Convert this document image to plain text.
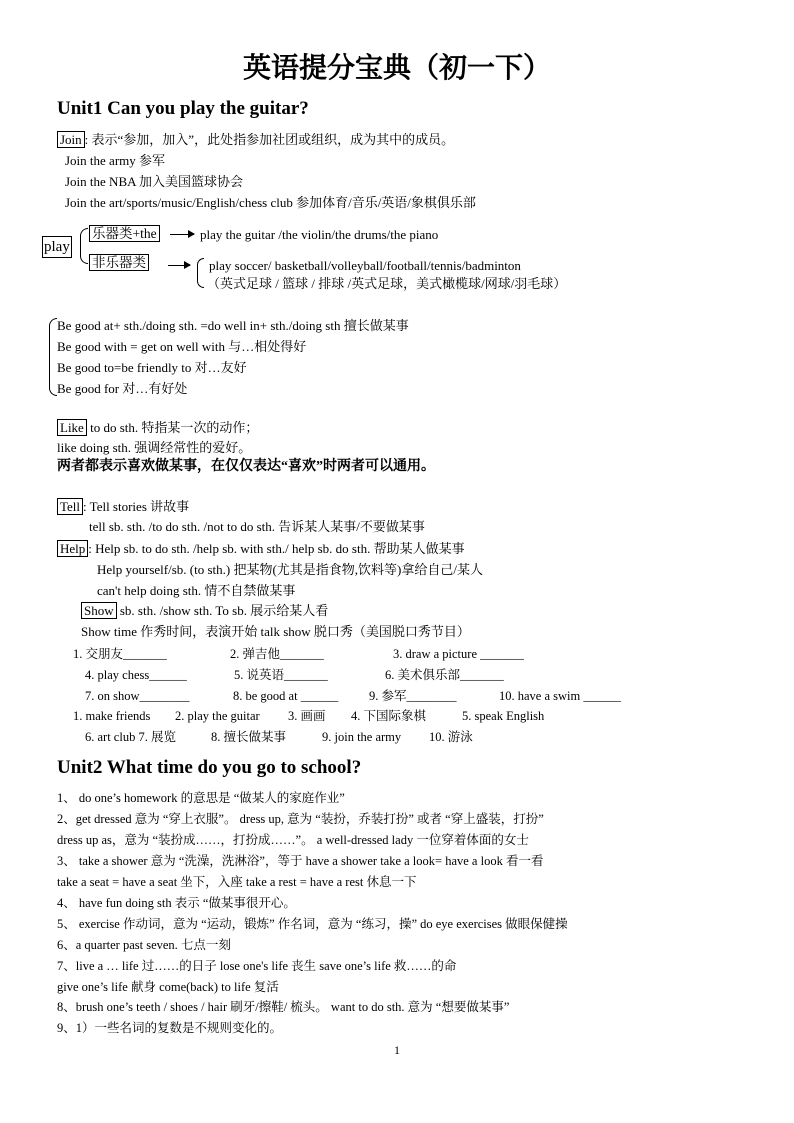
英语提分宝典（初一下）
Unit1 Can you play the guitar?
Join : 表示“参加，加入”，此处指参加社团或组织，成为其中的成员。
Join the army 参军
Join the NBA 加入美国篮球协会
Join the art/sports/music/English/chess club 参加体育/音乐/英语/象棋俱乐部
play
乐器类+the	play the guitar /the violin/the drums/the piano
非乐器类	play soccer/ basketball/volleyball/football/tennis/badminton
（英式足球 / 篮球 / 排球 /英式足球，美式橄榄球/网球/羽毛球）
Be good at+ sth./doing sth. =do well in+ sth./doing sth 擅长做某事
Be good with = get on well with 与…相处得好
Be good to=be friendly to 对…友好
Be good for 对…有好处
Like to do sth. 特指某一次的动作；
like doing sth. 强调经常性的爱好。
两者都表示喜欢做某事，在仅仅表达“喜欢”时两者可以通用。
Tell : Tell stories 讲故事
tell sb. sth. /to do sth. /not to do sth. 告诉某人某事/不要做某事
Help : Help sb. to do sth. /help sb. with sth./ help sb. do sth. 帮助某人做某事
Help yourself/sb. (to sth.) 把某物(尤其是指食物,饮料等)拿给自己/某人
can't help doing sth. 情不自禁做某事
Show sb. sth. /show sth. To sb. 展示给某人看
Show time 作秀时间，表演开始 talk show 脱口秀（美国脱口秀节目）
1. 交朋友_______	2. 弹吉他_______	3. draw a picture _______
4. play chess______	5. 说英语_______	6. 美术俱乐部_______
7. on show________	8. be good at ______ 9. 参军________	10. have a swim ______
1. make friends 2. play the guitar 3. 画画 4. 下国际象棋	5. speak English
6. art club 7. 展览	8. 擅长做某事	9. join the army 10. 游泳
Unit2 What time do you go to school?
1、 do one’s homework 的意思是 “做某人的家庭作业”
2、get dressed 意为 “穿上衣服”。 dress up, 意为 “装扮，乔装打扮” 或者 “穿上盛装，打扮”
dress up as，意为 “装扮成……，打扮成……”。 a well-dressed lady 一位穿着体面的女士
3、 take a shower 意为 “洗澡，洗淋浴”，等于 have a shower take a look= have a look 看一看
take a seat = have a seat 坐下，入座 take a rest = have a rest 休息一下
4、 have fun doing sth 表示 “做某事很开心。
5、 exercise 作动词，意为 “运动，锻炼” 作名词，意为 “练习，操” do eye exercises 做眼保健操
6、a quarter past seven. 七点一刻
7、live a … life 过……的日子 lose one's life 丧生 save one’s life 救……的命
give one’s life 献身 come(back) to life 复活
8、brush one’s teeth / shoes / hair 刷牙/擦鞋/ 梳头。 want to do sth. 意为 “想要做某事”
9、1）一些名词的复数是不规则变化的。
1
